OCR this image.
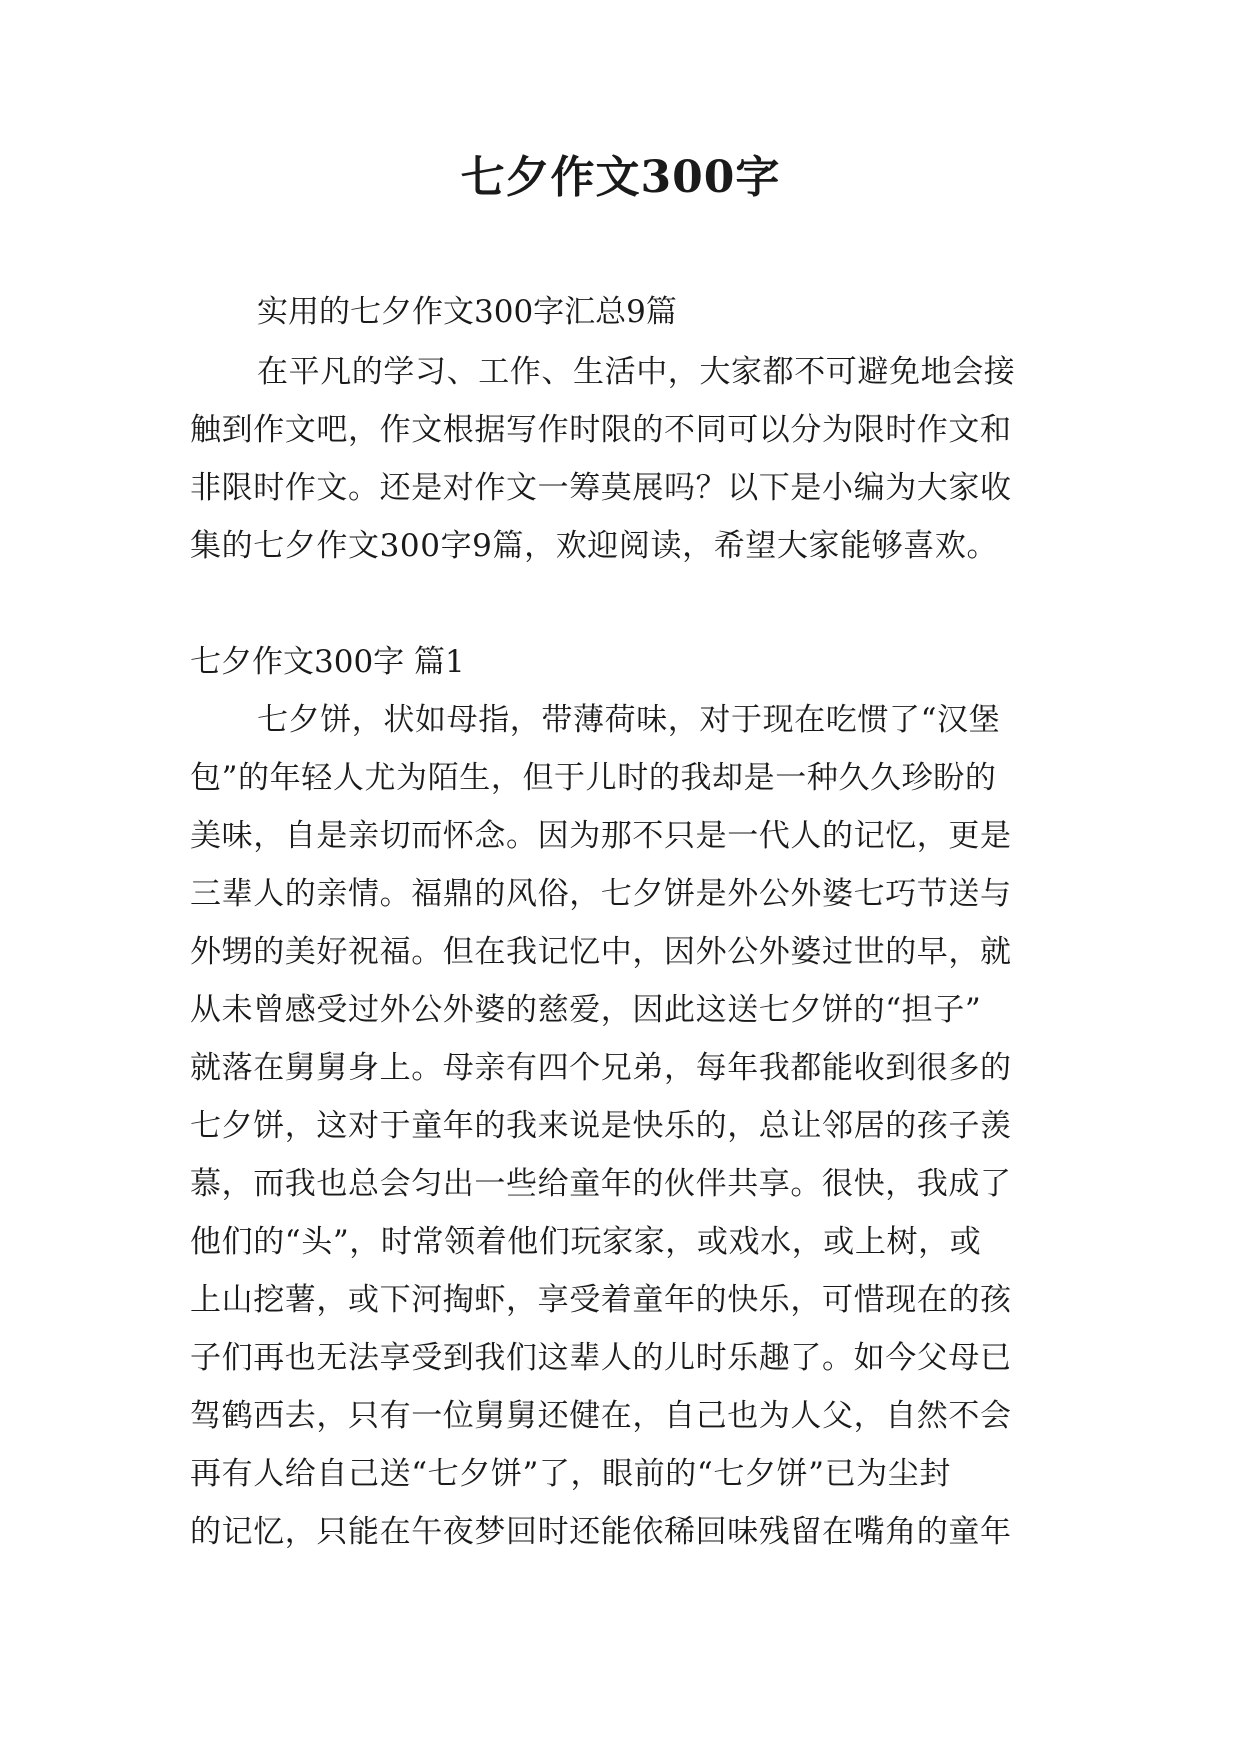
七夕作文300字
实用的七夕作文300字汇总9篇
在平凡的学习、工作、生活中，大家都不可避免地会接
触到作文吧，作文根据写作时限的不同可以分为限时作文和
非限时作文。还是对作文一筹莫展吗？以下是小编为大家收
集的七夕作文300字9篇，欢迎阅读，希望大家能够喜欢。
七夕作文300字 篇1
七夕饼，状如母指，带薄荷味，对于现在吃惯了“汉堡
包”的年轻人尤为陌生，但于儿时的我却是一种久久珍盼的
美味，自是亲切而怀念。因为那不只是一代人的记忆，更是
三辈人的亲情。福鼎的风俗，七夕饼是外公外婆七巧节送与
外甥的美好祝福。但在我记忆中，因外公外婆过世的早，就
从未曾感受过外公外婆的慈爱，因此这送七夕饼的“担子”
就落在舅舅身上。母亲有四个兄弟，每年我都能收到很多的
七夕饼，这对于童年的我来说是快乐的，总让邻居的孩子羡
慕，而我也总会匀出一些给童年的伙伴共享。很快，我成了
他们的“头”，时常领着他们玩家家，或戏水，或上树，或
上山挖薯，或下河掏虾，享受着童年的快乐，可惜现在的孩
子们再也无法享受到我们这辈人的儿时乐趣了。如今父母已
驾鹤西去，只有一位舅舅还健在，自己也为人父，自然不会
再有人给自己送“七夕饼”了，眼前的“七夕饼”已为尘封
的记忆，只能在午夜梦回时还能依稀回味残留在嘴角的童年
